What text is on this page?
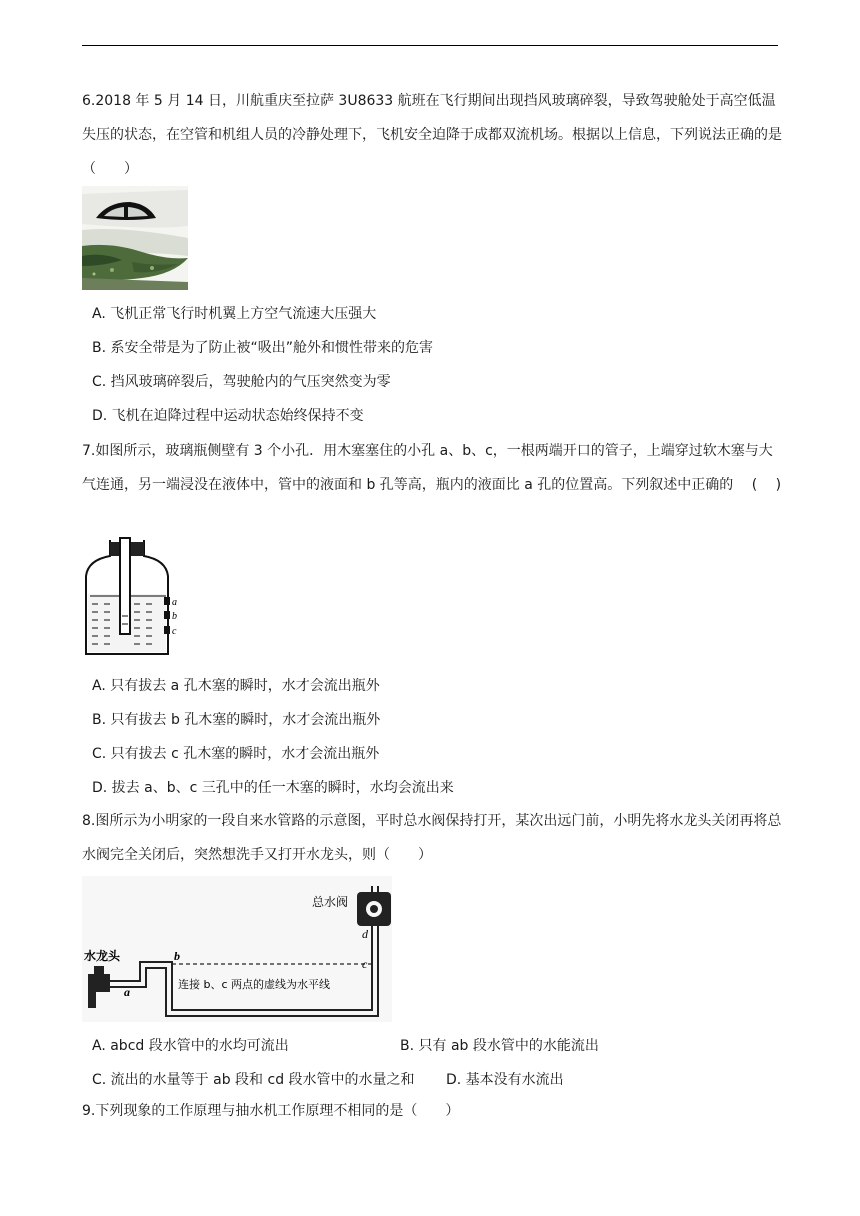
6.2018 年 5 月 14 日，川航重庆至拉萨 3U8633 航班在飞行期间出现挡风玻璃碎裂，导致驾驶舱处于高空低温失压的状态，在空管和机组人员的冷静处理下，飞机安全迫降于成都双流机场。根据以上信息，下列说法正确的是（　　）
A. 飞机正常飞行时机翼上方空气流速大压强大
B. 系安全带是为了防止被“吸出”舱外和惯性带来的危害
C. 挡风玻璃碎裂后，驾驶舱内的气压突然变为零
D. 飞机在迫降过程中运动状态始终保持不变
7.如图所示，玻璃瓶侧壁有 3 个小孔．用木塞塞住的小孔 a、b、c，一根两端开口的管子，上端穿过软木塞与大气连通，另一端浸没在液体中，管中的液面和 b 孔等高，瓶内的液面比 a 孔的位置高。下列叙述中正确的　 (　 )
a
b
c
A. 只有拔去 a 孔木塞的瞬时，水才会流出瓶外
B. 只有拔去 b 孔木塞的瞬时，水才会流出瓶外
C. 只有拔去 c 孔木塞的瞬时，水才会流出瓶外
D. 拔去 a、b、c 三孔中的任一木塞的瞬时，水均会流出来
8.图所示为小明家的一段自来水管路的示意图，平时总水阀保持打开，某次出远门前，小明先将水龙头关闭再将总水阀完全关闭后，突然想洗手又打开水龙头，则（　　）
总水阀
水龙头
a
b
c
d
连接 b、c 两点的虚线为水平线
A. abcd 段水管中的水均可流出	B. 只有 ab 段水管中的水能流出
C. 流出的水量等于 ab 段和 cd 段水管中的水量之和 D. 基本没有水流出
9.下列现象的工作原理与抽水机工作原理不相同的是（　　）
